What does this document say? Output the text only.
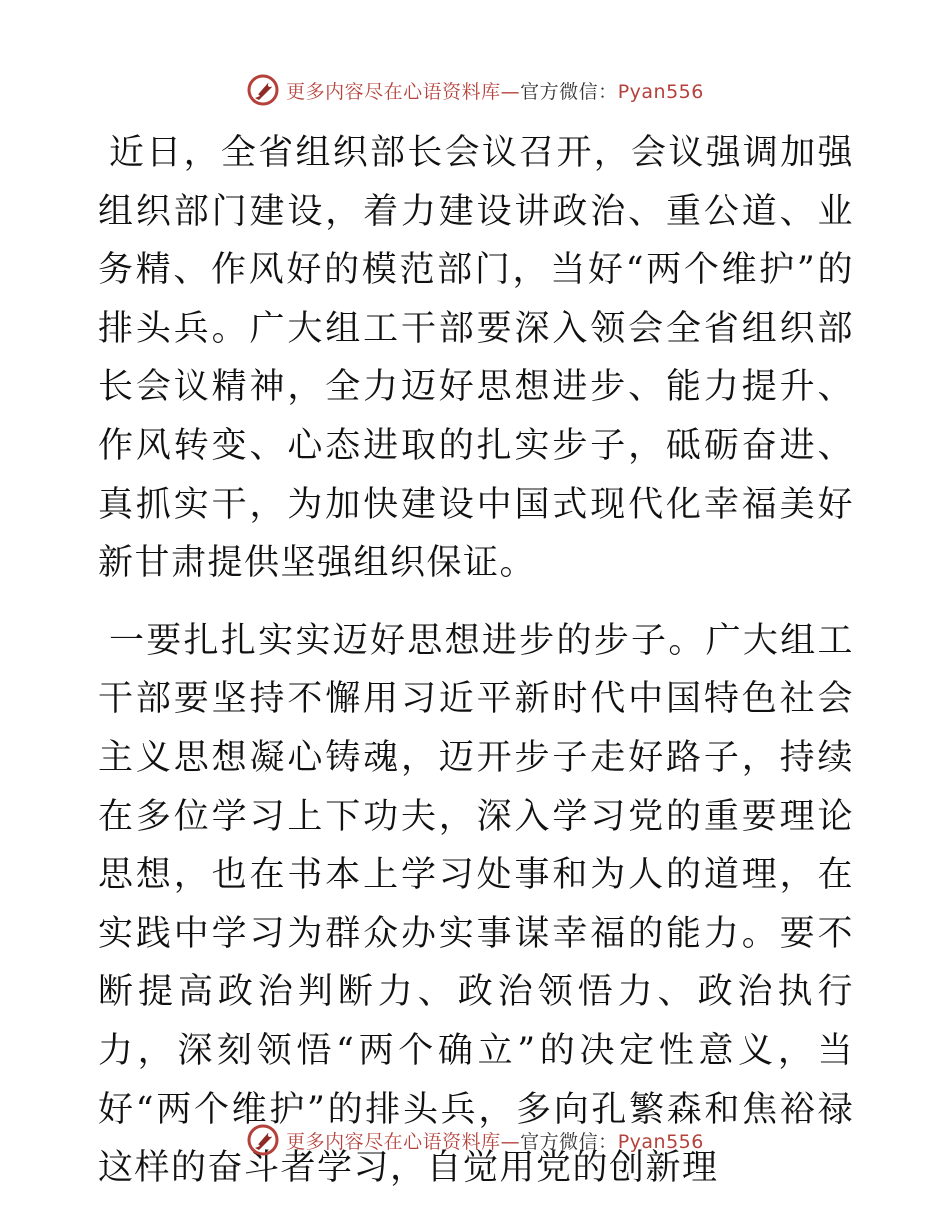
更多内容尽在心语资料库—官方微信：Pyan556

近日，全省组织部长会议召开，会议强调加强组织部门建设，着力建设讲政治、重公道、业务精、作风好的模范部门，当好“两个维护”的排头兵。广大组工干部要深入领会全省组织部长会议精神，全力迈好思想进步、能力提升、作风转变、心态进取的扎实步子，砥砺奋进、真抓实干，为加快建设中国式现代化幸福美好新甘肃提供坚强组织保证。

一要扎扎实实迈好思想进步的步子。广大组工干部要坚持不懈用习近平新时代中国特色社会主义思想凝心铸魂，迈开步子走好路子，持续在多位学习上下功夫，深入学习党的重要理论思想，也在书本上学习处事和为人的道理，在实践中学习为群众办实事谋幸福的能力。要不断提高政治判断力、政治领悟力、政治执行力，深刻领悟“两个确立”的决定性意义，当好“两个维护”的排头兵，多向孔繁森和焦裕禄这样的奋斗者学习，自觉用党的创新理

更多内容尽在心语资料库—官方微信：Pyan556
